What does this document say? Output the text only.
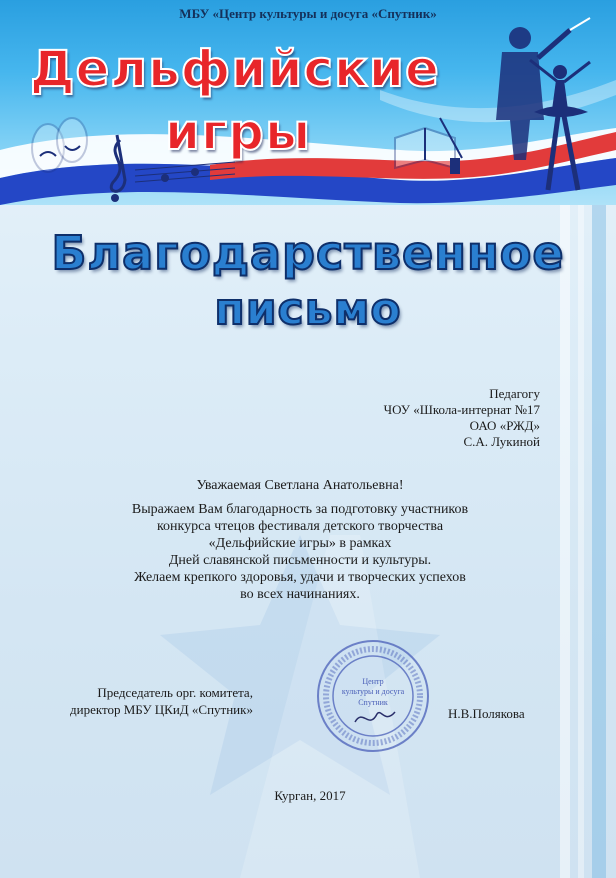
МБУ «Центр культуры и досуга «Спутник»
Дельфийские
игры
Благодарственное
письмо
Педагогу
ЧОУ «Школа-интернат №17
ОАО «РЖД»
С.А. Лукиной
Уважаемая Светлана Анатольевна!
Выражаем Вам благодарность за подготовку участников
конкурса чтецов фестиваля детского творчества
«Дельфийские игры» в рамках
Дней славянской письменности и культуры.
Желаем крепкого здоровья, удачи и творческих успехов
во всех начинаниях.
Председатель орг. комитета,
директор МБУ ЦКиД «Спутник»
Центр
культуры и досуга
Спутник
Н.В.Полякова
Курган, 2017
